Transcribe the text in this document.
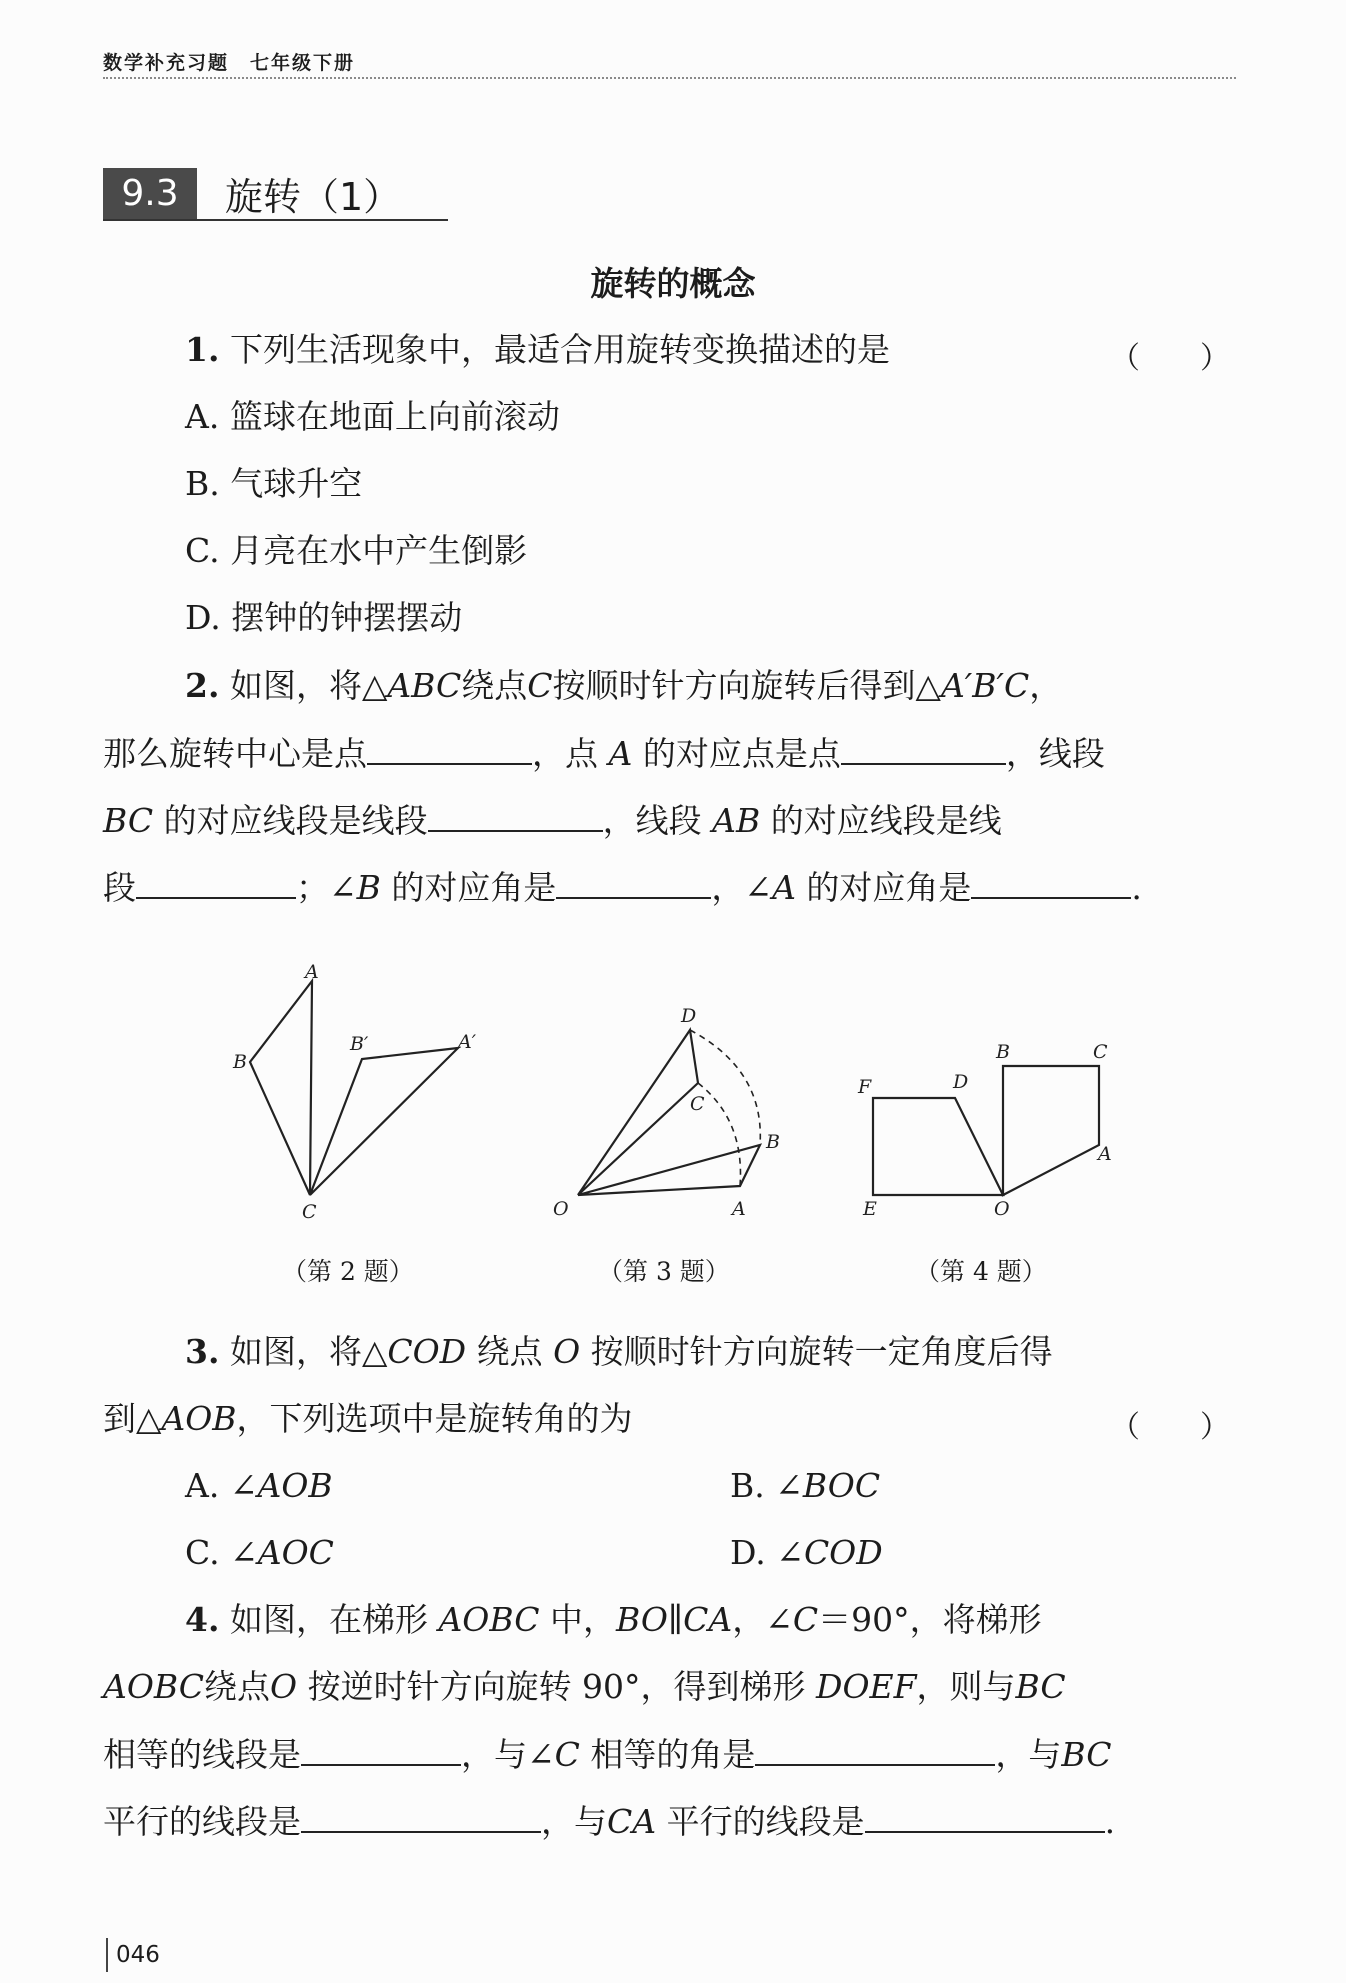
数学补充习题　七年级下册
9.3	旋转（1）
旋转的概念
1. 下列生活现象中，最适合用旋转变换描述的是	（　　）
A. 篮球在地面上向前滚动
B. 气球升空
C. 月亮在水中产生倒影
D. 摆钟的钟摆摆动
2. 如图，将△ABC绕点C按顺时针方向旋转后得到△A′B′C，
那么旋转中心是点	，点 A 的对应点是点	，线段
BC 的对应线段是线段	，线段 AB 的对应线段是线
段	；∠B 的对应角是	，∠A 的对应角是	.
A
B
C
B′	A′
D
C
B
A
O
F	D
B	C
A
E	O
（第 2 题）	（第 3 题）	（第 4 题）
3. 如图，将△COD 绕点 O 按顺时针方向旋转一定角度后得
到△AOB，下列选项中是旋转角的为	（　　）
A. ∠AOB	B. ∠BOC
C. ∠AOC	D. ∠COD
4. 如图，在梯形 AOBC 中，BO∥CA，∠C＝90°，将梯形
AOBC绕点O 按逆时针方向旋转 90°，得到梯形 DOEF，则与BC
相等的线段是	，与∠C 相等的角是	，与BC
平行的线段是	，与CA 平行的线段是	.
046
